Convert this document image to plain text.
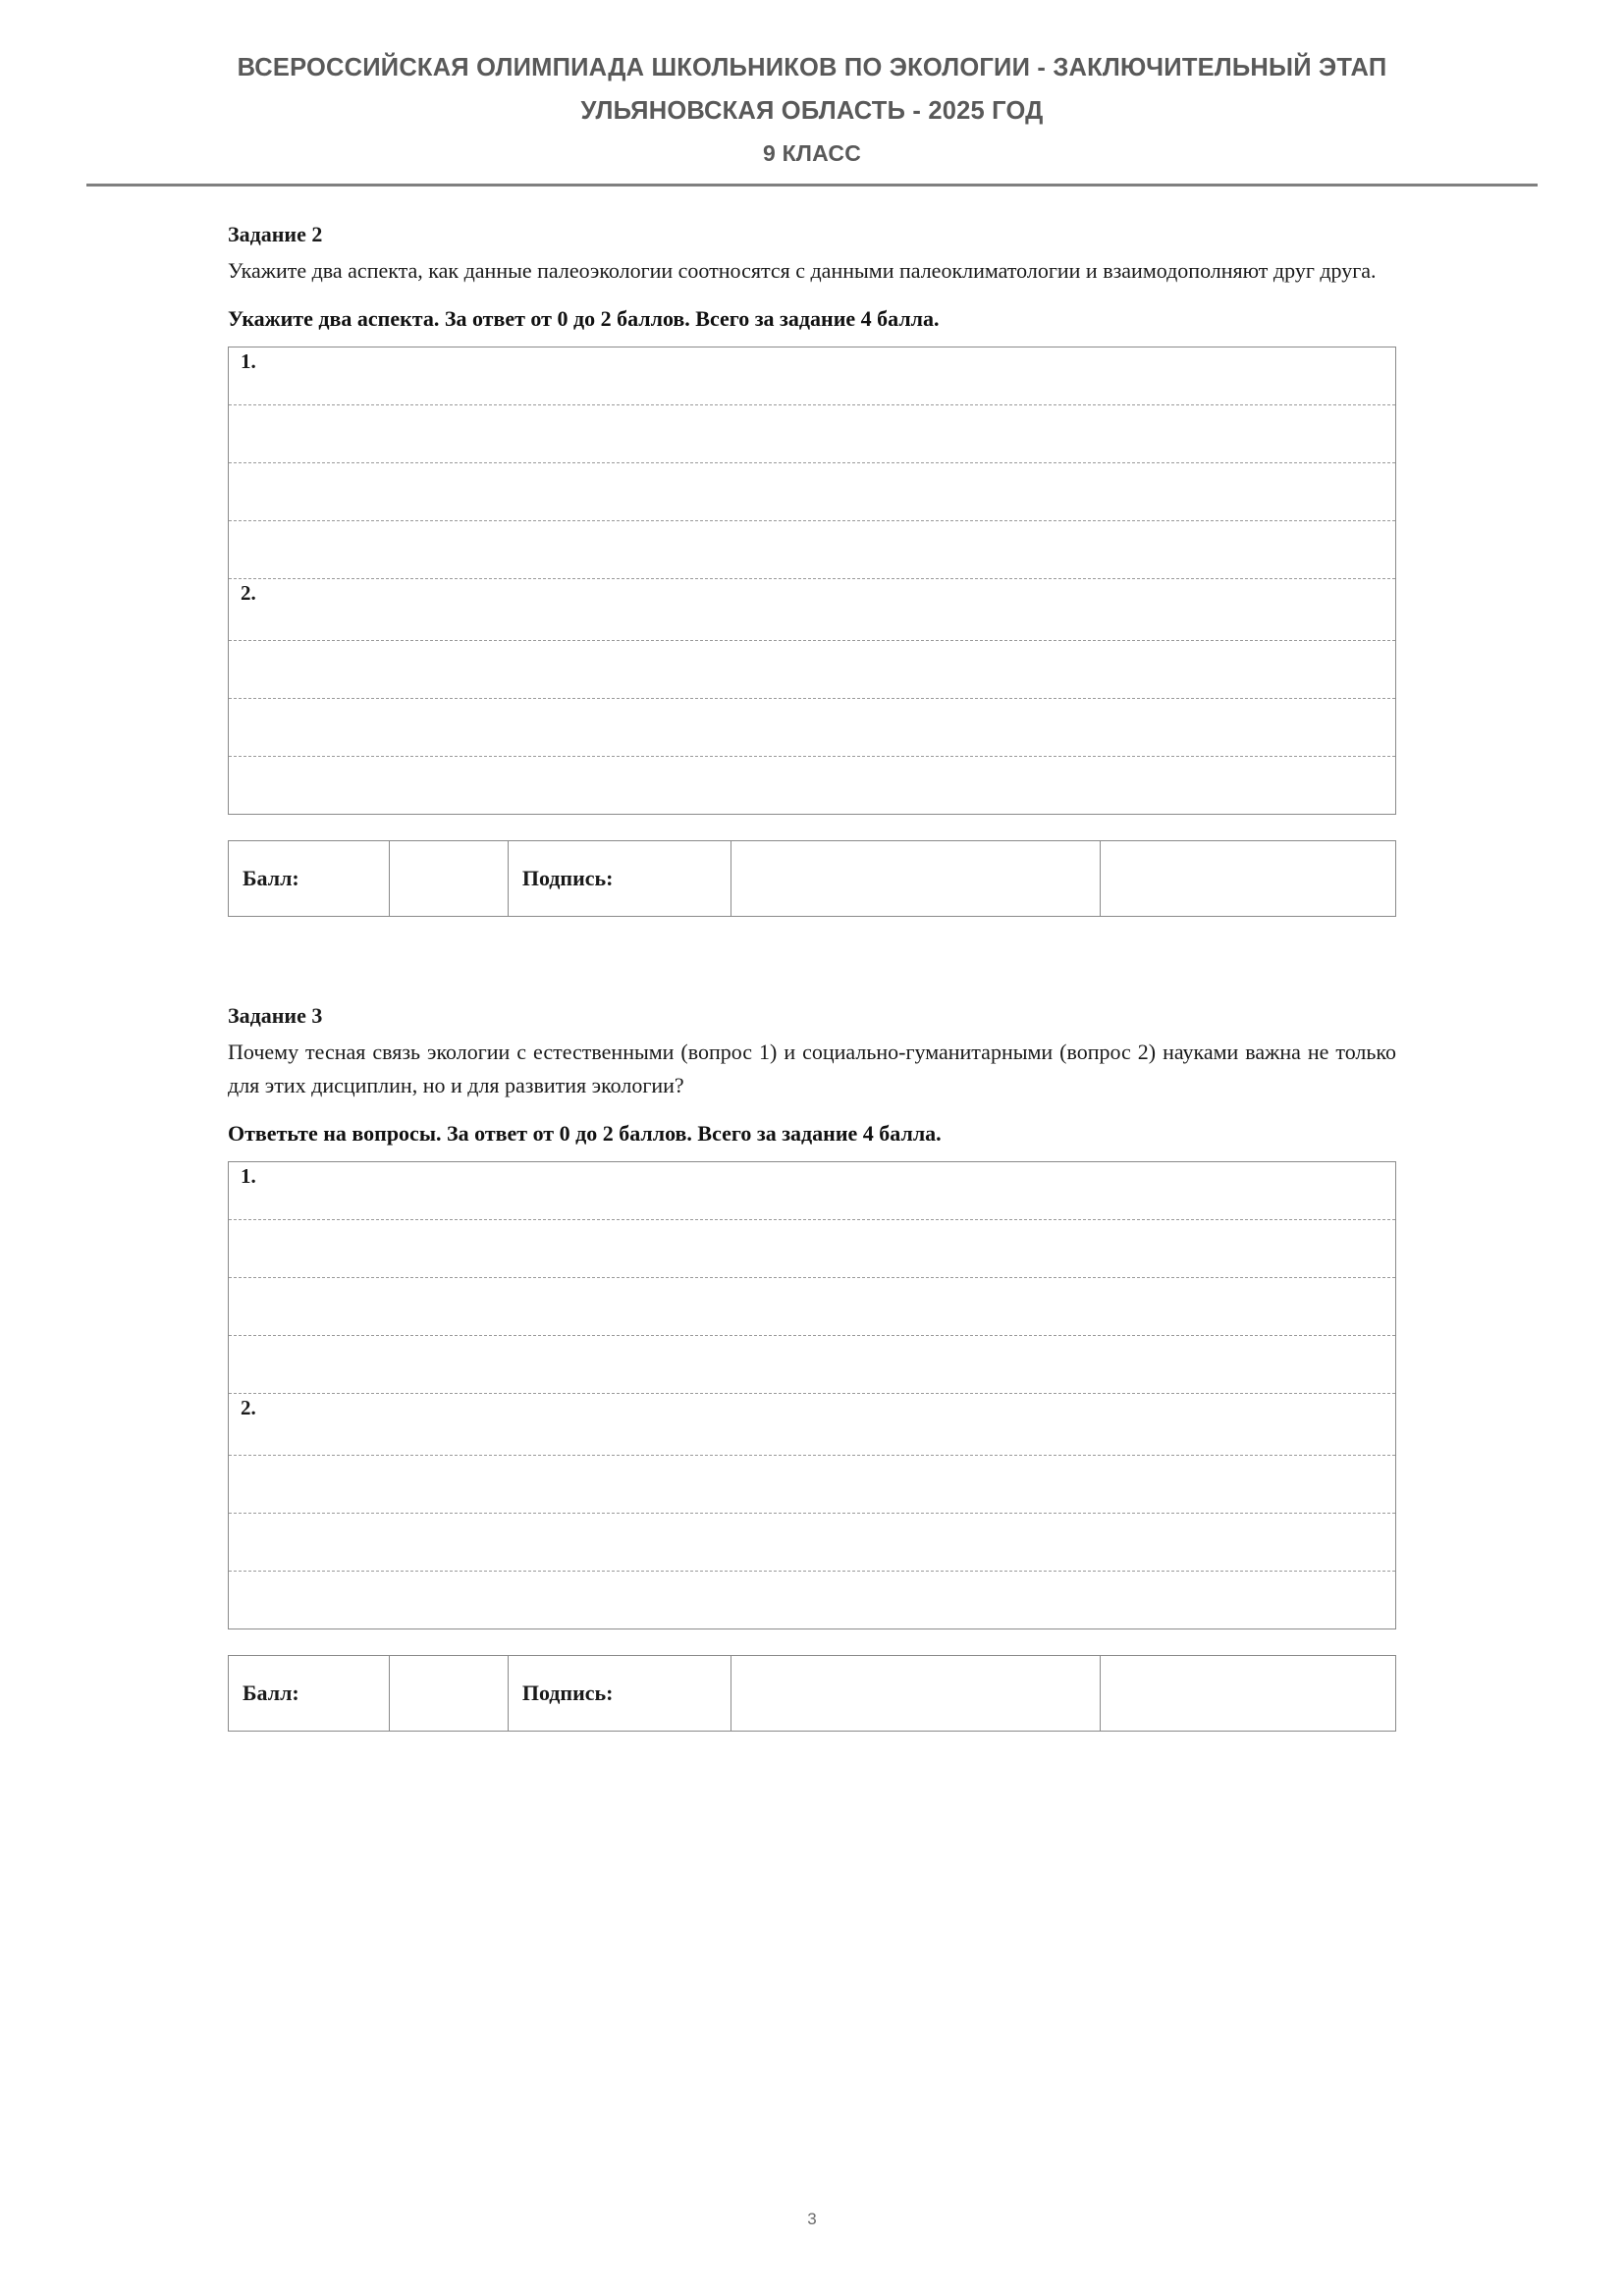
ВСЕРОССИЙСКАЯ ОЛИМПИАДА ШКОЛЬНИКОВ ПО ЭКОЛОГИИ - ЗАКЛЮЧИТЕЛЬНЫЙ ЭТАП
УЛЬЯНОВСКАЯ ОБЛАСТЬ - 2025 ГОД
9 КЛАСС
Задание 2
Укажите два аспекта, как данные палеоэкологии соотносятся с данными палеоклиматологии и взаимодополняют друг друга.
Укажите два аспекта. За ответ от 0 до 2 баллов. Всего за задание 4 балла.
1.

2.

Балл:		Подпись:		
Задание 3
Почему тесная связь экологии с естественными (вопрос 1) и социально-гуманитарными (вопрос 2) науками важна не только для этих дисциплин, но и для развития экологии?
Ответьте на вопросы. За ответ от 0 до 2 баллов. Всего за задание 4 балла.
1.

2.

Балл:		Подпись:		
3
